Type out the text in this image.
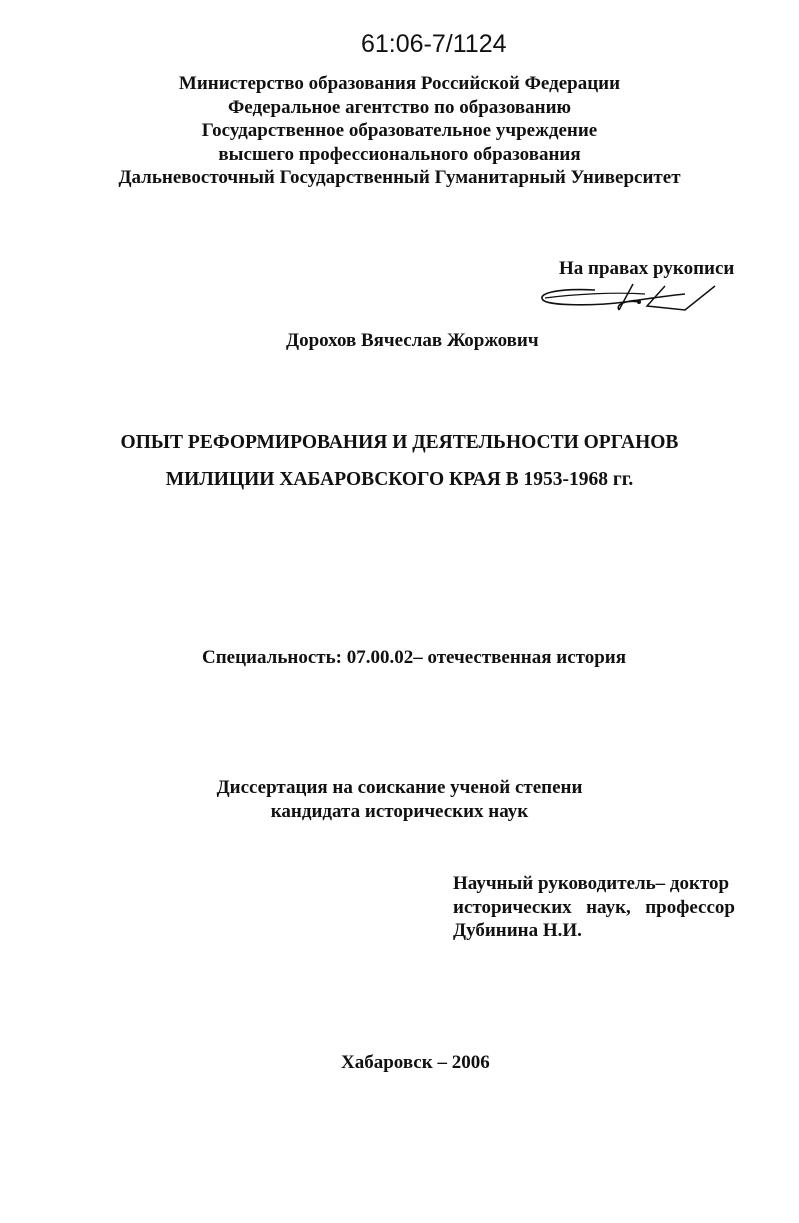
61:06-7/1124
Министерство образования Российской Федерации
Федеральное агентство по образованию
Государственное образовательное учреждение
высшего профессионального образования
Дальневосточный Государственный Гуманитарный Университет
На правах рукописи
Дорохов Вячеслав Жоржович
ОПЫТ РЕФОРМИРОВАНИЯ И ДЕЯТЕЛЬНОСТИ ОРГАНОВ
МИЛИЦИИ ХАБАРОВСКОГО КРАЯ В 1953-1968 гг.
Специальность: 07.00.02– отечественная история
Диссертация на соискание ученой степени
кандидата исторических наук
Научный руководитель– доктор
исторических наук, профессор
Дубинина Н.И.
Хабаровск – 2006
